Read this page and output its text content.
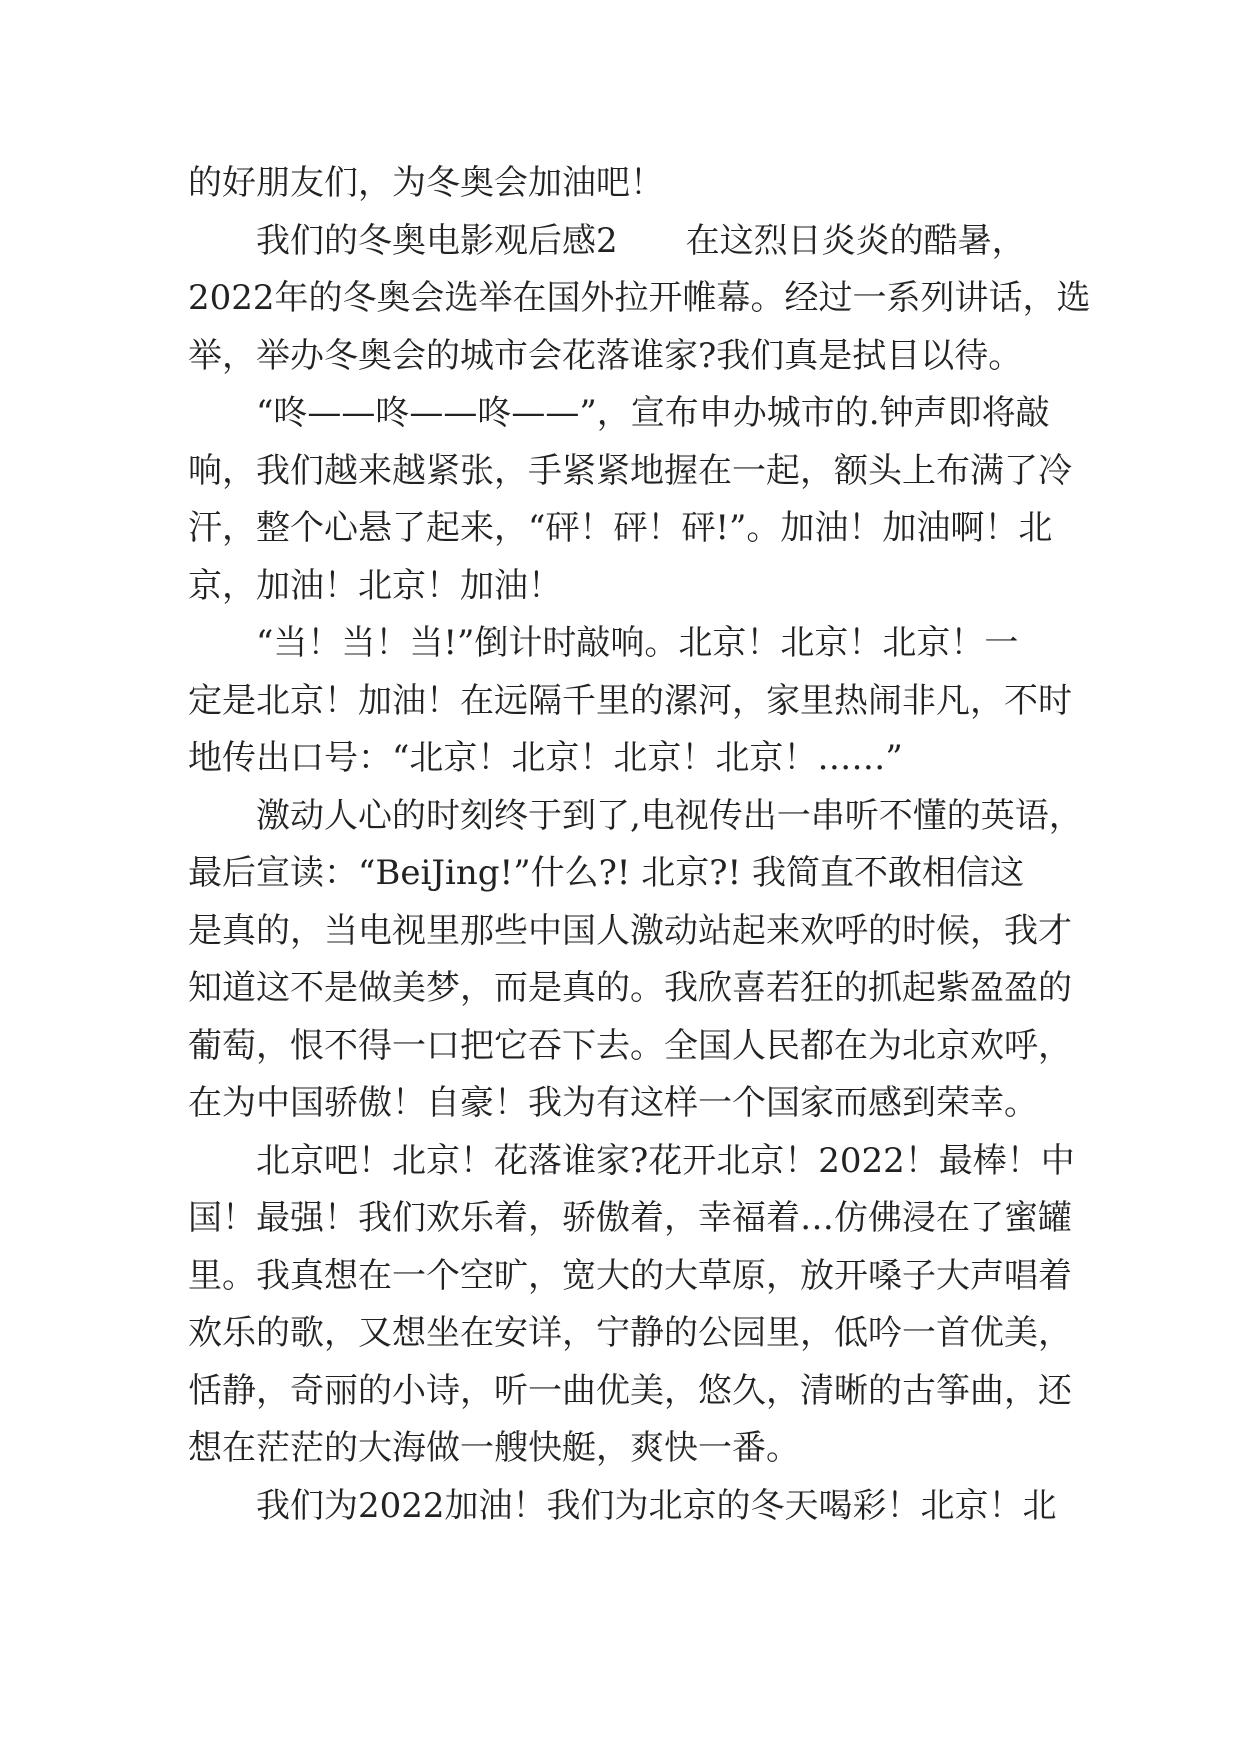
的好朋友们，为冬奥会加油吧！
我们的冬奥电影观后感2　　在这烈日炎炎的酷暑，
2022年的冬奥会选举在国外拉开帷幕。经过一系列讲话，选
举，举办冬奥会的城市会花落谁家?我们真是拭目以待。
“咚——咚——咚——”，宣布申办城市的.钟声即将敲
响，我们越来越紧张，手紧紧地握在一起，额头上布满了冷
汗，整个心悬了起来，“砰！砰！砰!”。加油！加油啊！北
京，加油！北京！加油！
“当！当！当!”倒计时敲响。北京！北京！北京！一
定是北京！加油！在远隔千里的漯河，家里热闹非凡，不时
地传出口号：“北京！北京！北京！北京！……”
激动人心的时刻终于到了,电视传出一串听不懂的英语，
最后宣读：“BeiJing!”什么?! 北京?! 我简直不敢相信这
是真的，当电视里那些中国人激动站起来欢呼的时候，我才
知道这不是做美梦，而是真的。我欣喜若狂的抓起紫盈盈的
葡萄，恨不得一口把它吞下去。全国人民都在为北京欢呼，
在为中国骄傲！自豪！我为有这样一个国家而感到荣幸。
北京吧！北京！花落谁家?花开北京！2022！最棒！中
国！最强！我们欢乐着，骄傲着，幸福着…仿佛浸在了蜜罐
里。我真想在一个空旷，宽大的大草原，放开嗓子大声唱着
欢乐的歌，又想坐在安详，宁静的公园里，低吟一首优美，
恬静，奇丽的小诗，听一曲优美，悠久，清晰的古筝曲，还
想在茫茫的大海做一艘快艇，爽快一番。
我们为2022加油！我们为北京的冬天喝彩！北京！北
